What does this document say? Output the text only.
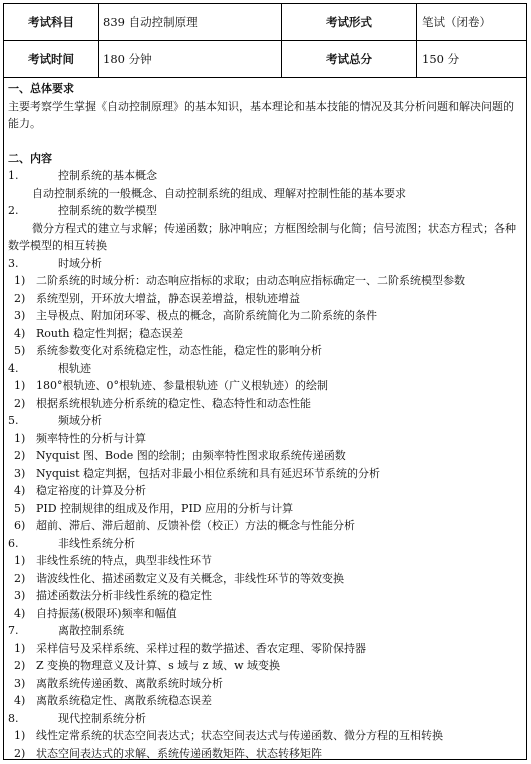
考试科目	839 自动控制原理	考试形式	笔试（闭卷）
考试时间	180 分钟	考试总分	150 分
一、总体要求
主要考察学生掌握《自动控制原理》的基本知识，基本理论和基本技能的情况及其分析问题和解决问题的能力。
二、内容
1.	控制系统的基本概念
自动控制系统的一般概念、自动控制系统的组成、理解对控制性能的基本要求
2.	控制系统的数学模型
微分方程式的建立与求解；传递函数；脉冲响应；方框图绘制与化简；信号流图；状态方程式；各种数学模型的相互转换
3.	时域分析
1) 二阶系统的时域分析：动态响应指标的求取；由动态响应指标确定一、二阶系统模型参数
2) 系统型别，开环放大增益，静态误差增益，根轨迹增益
3) 主导极点、附加闭环零、极点的概念，高阶系统简化为二阶系统的条件
4) Routh 稳定性判据；稳态误差
5) 系统参数变化对系统稳定性，动态性能，稳定性的影响分析
4.	根轨迹
1) 180°根轨迹、0°根轨迹、参量根轨迹（广义根轨迹）的绘制
2) 根据系统根轨迹分析系统的稳定性、稳态特性和动态性能
5.	频域分析
1) 频率特性的分析与计算
2) Nyquist 图、Bode 图的绘制；由频率特性图求取系统传递函数
3) Nyquist 稳定判据，包括对非最小相位系统和具有延迟环节系统的分析
4) 稳定裕度的计算及分析
5) PID 控制规律的组成及作用，PID 应用的分析与计算
6) 超前、滞后、滞后超前、反馈补偿（校正）方法的概念与性能分析
6.	非线性系统分析
1) 非线性系统的特点，典型非线性环节
2) 谐波线性化、描述函数定义及有关概念，非线性环节的等效变换
3) 描述函数法分析非线性系统的稳定性
4) 自持振荡(极限环)频率和幅值
7.	离散控制系统
1) 采样信号及采样系统、采样过程的数学描述、香农定理、零阶保持器
2) Z 变换的物理意义及计算、s 域与 z 域、w 域变换
3) 离散系统传递函数、离散系统时域分析
4) 离散系统稳定性、离散系统稳态误差
8.	现代控制系统分析
1) 线性定常系统的状态空间表达式；状态空间表达式与传递函数、微分方程的互相转换
2) 状态空间表达式的求解、系统传递函数矩阵、状态转移矩阵
